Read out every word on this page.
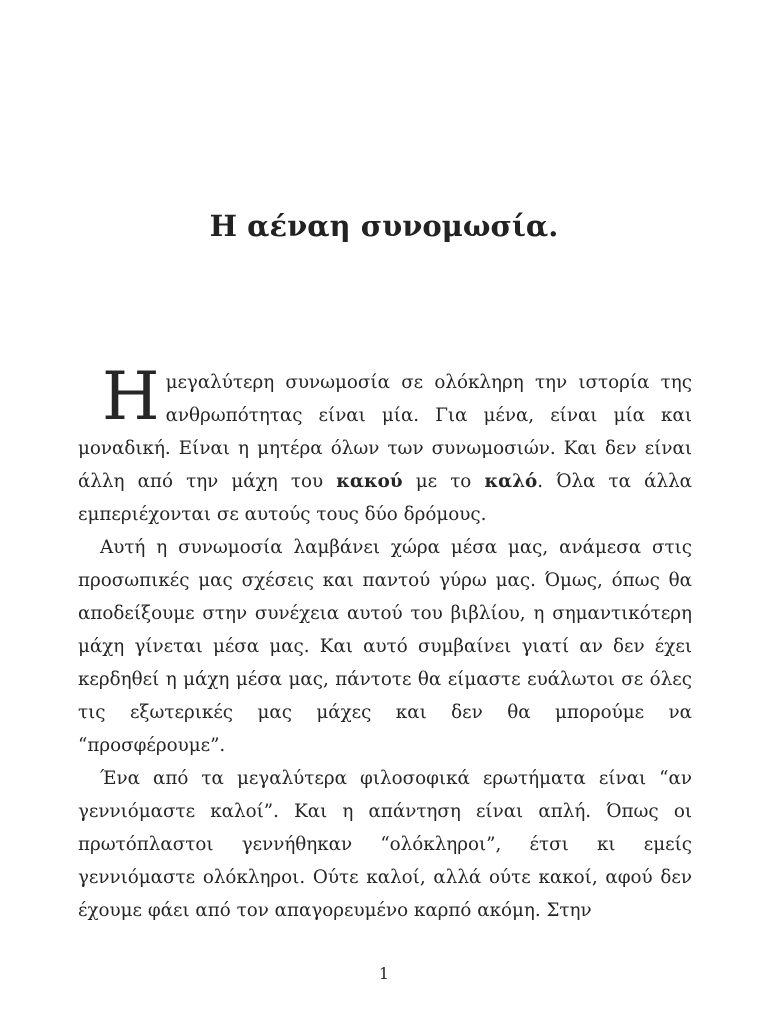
Η αέναη συνομωσία.

Η μεγαλύτερη συνωμοσία σε ολόκληρη την ιστορία της ανθρωπότητας είναι μία. Για μένα, είναι μία και μοναδική. Είναι η μητέρα όλων των συνωμοσιών. Και δεν είναι άλλη από την μάχη του κακού με το καλό. Όλα τα άλλα εμπεριέχονται σε αυτούς τους δύο δρόμους.

Αυτή η συνωμοσία λαμβάνει χώρα μέσα μας, ανάμεσα στις προσωπικές μας σχέσεις και παντού γύρω μας. Όμως, όπως θα αποδείξουμε στην συνέχεια αυτού του βιβλίου, η σημαντικότερη μάχη γίνεται μέσα μας. Και αυτό συμβαίνει γιατί αν δεν έχει κερδηθεί η μάχη μέσα μας, πάντοτε θα είμαστε ευάλωτοι σε όλες τις εξωτερικές μας μάχες και δεν θα μπορούμε να “προσφέρουμε”.

Ένα από τα μεγαλύτερα φιλοσοφικά ερωτήματα είναι “αν γεννιόμαστε καλοί”. Και η απάντηση είναι απλή. Όπως οι πρωτόπλαστοι γεννήθηκαν “ολόκληροι”, έτσι κι εμείς γεννιόμαστε ολόκληροι. Ούτε καλοί, αλλά ούτε κακοί, αφού δεν έχουμε φάει από τον απαγορευμένο καρπό ακόμη. Στην

1
